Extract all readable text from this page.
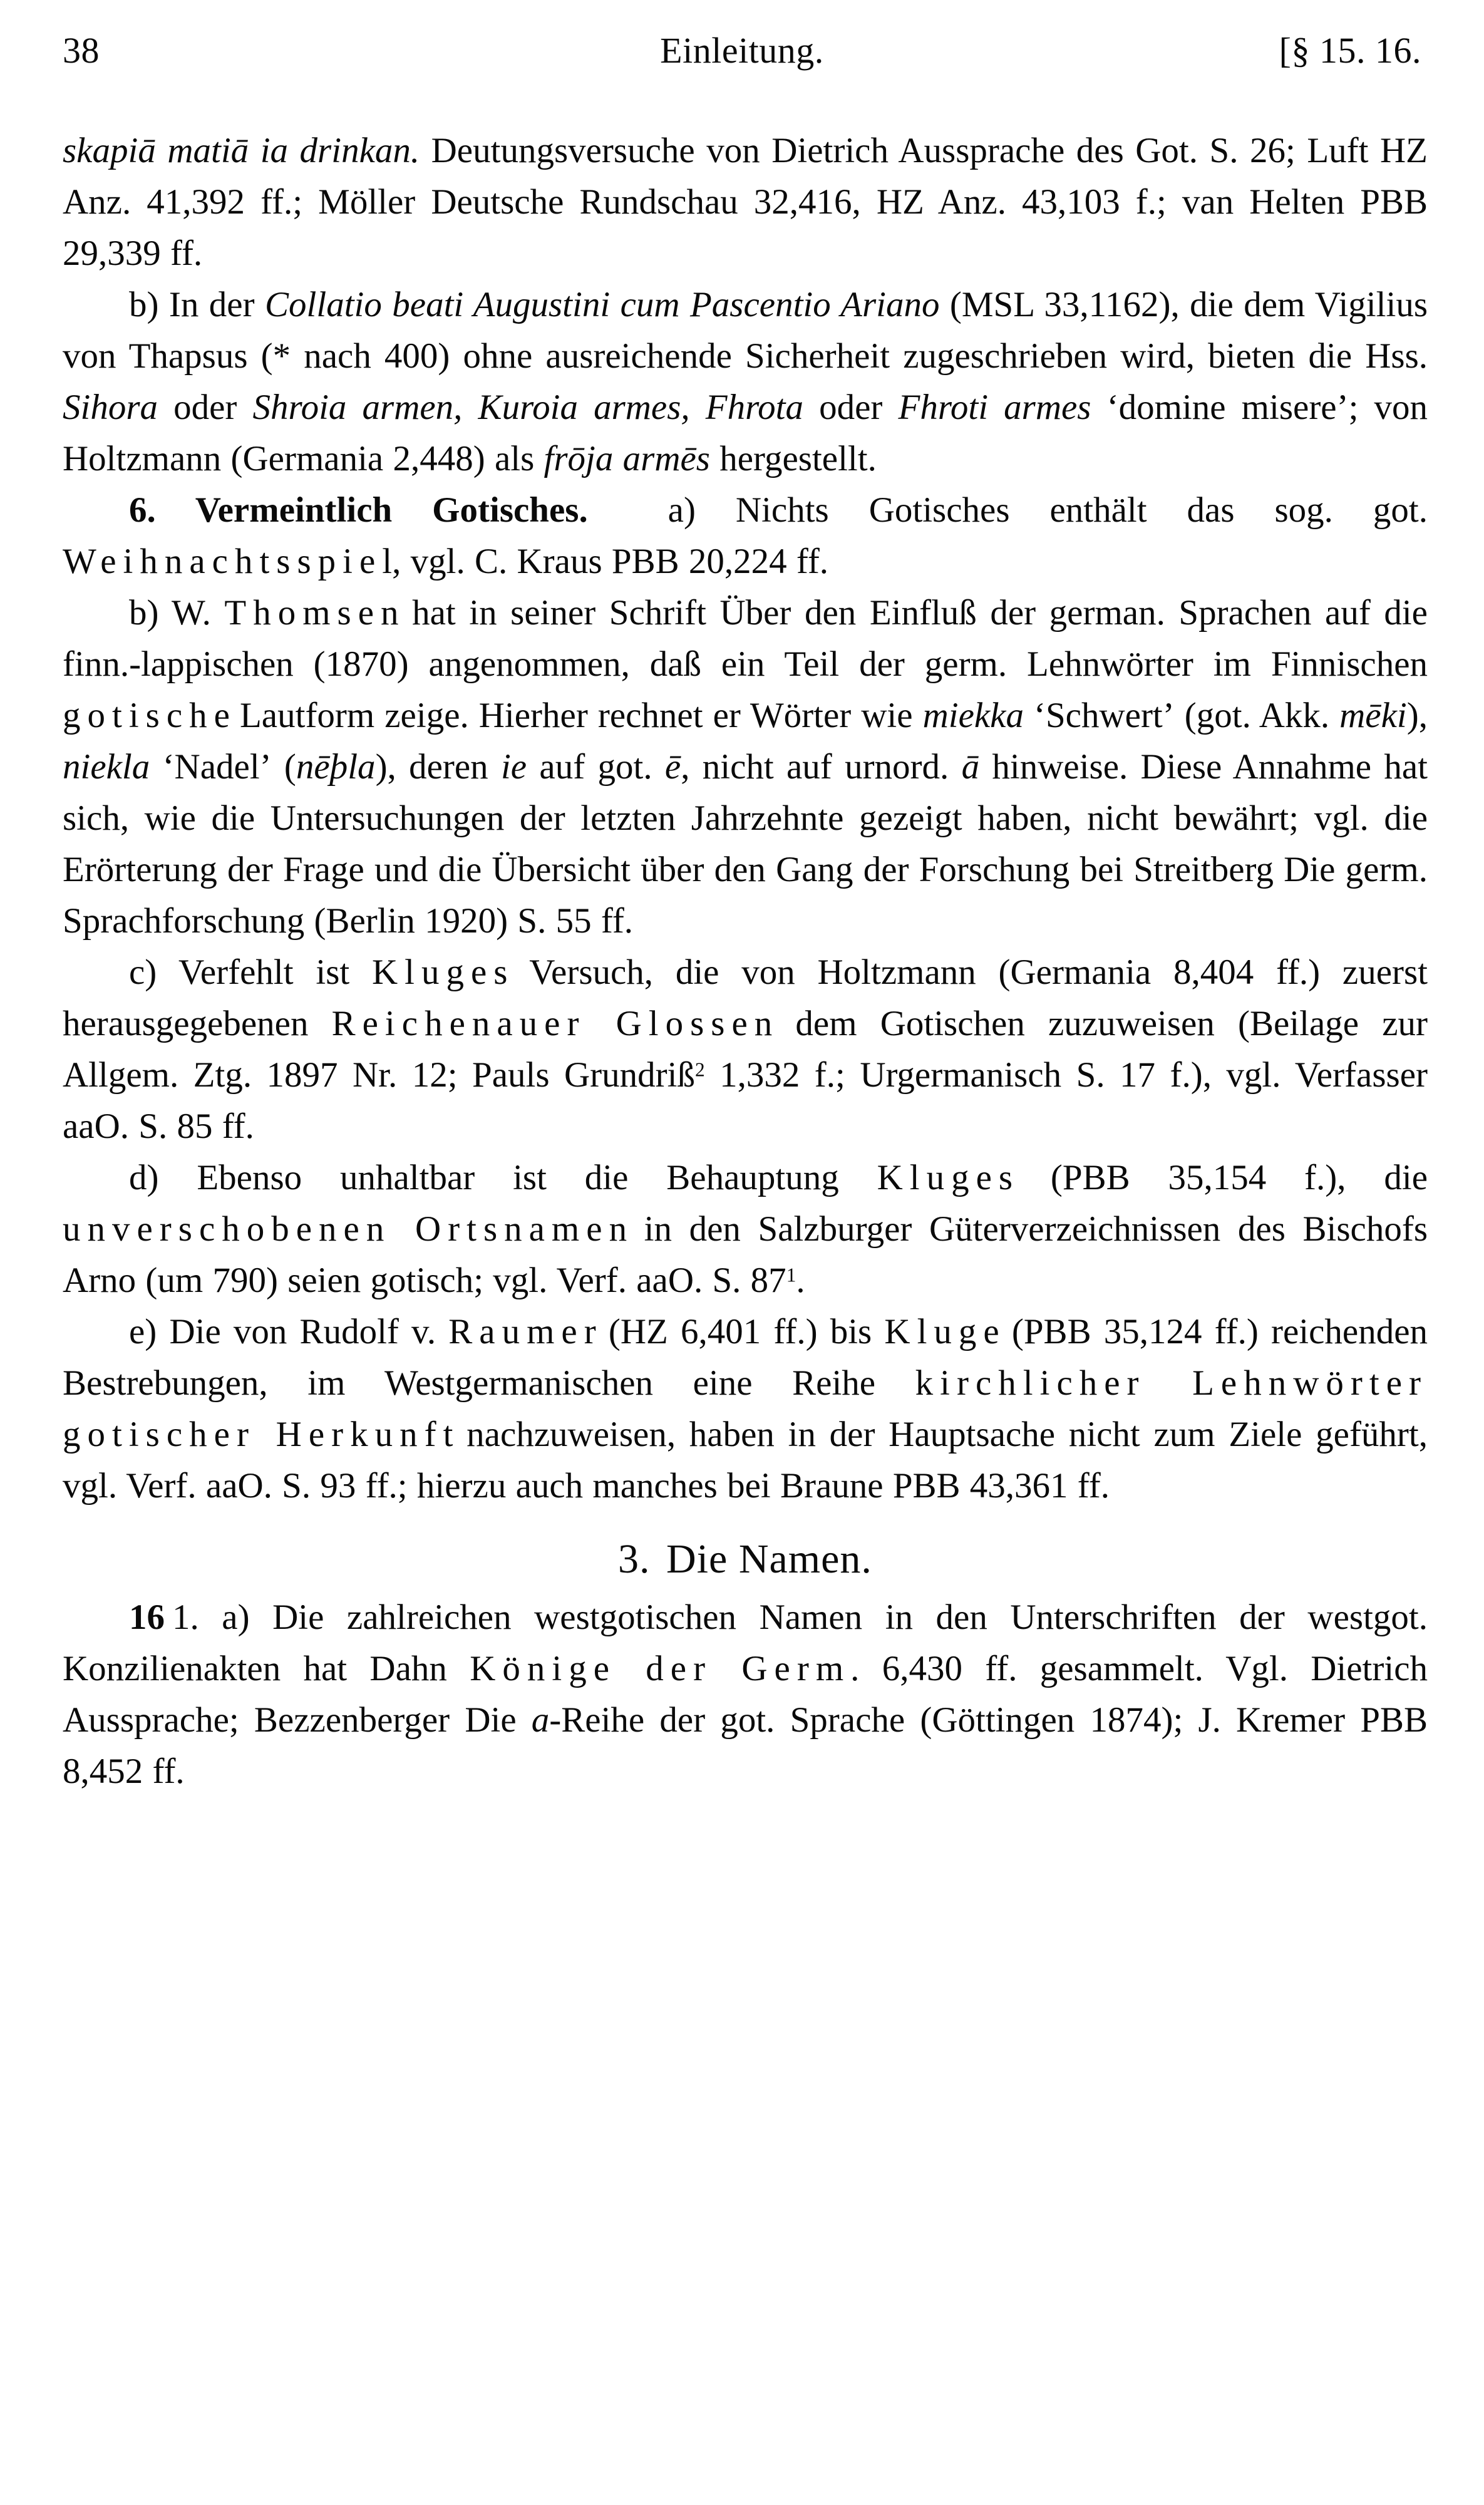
38	Einleitung.	[§ 15. 16.

skapiā matiā ia drinkan. Deutungsversuche von Dietrich Aussprache des Got. S. 26; Luft HZ Anz. 41,392 ff.; Möller Deutsche Rundschau 32,416, HZ Anz. 43,103 f.; van Helten PBB 29,339 ff.

b) In der Collatio beati Augustini cum Pascentio Ariano (MSL 33,1162), die dem Vigilius von Thapsus (* nach 400) ohne ausreichende Sicherheit zugeschrieben wird, bieten die Hss. Sihora oder Shroia armen, Kuroia armes, Fhrota oder Fhroti armes ʻdomine misereʼ; von Holtzmann (Germania 2,448) als frōja armēs hergestellt.

6. Vermeintlich Gotisches. a) Nichts Gotisches enthält das sog. got. Weihnachtsspiel, vgl. C. Kraus PBB 20,224 ff.

b) W. Thomsen hat in seiner Schrift Über den Einfluß der german. Sprachen auf die finn.-lappischen (1870) angenommen, daß ein Teil der germ. Lehnwörter im Finnischen gotische Lautform zeige. Hierher rechnet er Wörter wie miekka ʻSchwertʼ (got. Akk. mēki), niekla ʻNadelʼ (nēþla), deren ie auf got. ē, nicht auf urnord. ā hinweise. Diese Annahme hat sich, wie die Untersuchungen der letzten Jahrzehnte gezeigt haben, nicht bewährt; vgl. die Erörterung der Frage und die Übersicht über den Gang der Forschung bei Streitberg Die germ. Sprachforschung (Berlin 1920) S. 55 ff.

c) Verfehlt ist Kluges Versuch, die von Holtzmann (Germania 8,404 ff.) zuerst herausgegebenen Reichenauer Glossen dem Gotischen zuzuweisen (Beilage zur Allgem. Ztg. 1897 Nr. 12; Pauls Grundriß$^2$ 1,332 f.; Urgermanisch S. 17 f.), vgl. Verfasser aaO. S. 85 ff.

d) Ebenso unhaltbar ist die Behauptung Kluges (PBB 35,154 f.), die unverschobenen Ortsnamen in den Salzburger Güterverzeichnissen des Bischofs Arno (um 790) seien gotisch; vgl. Verf. aaO. S. $87^1$.

e) Die von Rudolf v. Raumer (HZ 6,401 ff.) bis Kluge (PBB 35,124 ff.) reichenden Bestrebungen, im Westgermanischen eine Reihe kirchlicher Lehnwörter gotischer Herkunft nachzuweisen, haben in der Hauptsache nicht zum Ziele geführt, vgl. Verf. aaO. S. 93 ff.; hierzu auch manches bei Braune PBB 43,361 ff.

3. Die Namen.

16 1. a) Die zahlreichen westgotischen Namen in den Unterschriften der westgot. Konzilienakten hat Dahn Könige der Germ. 6,430 ff. gesammelt. Vgl. Dietrich Aussprache; Bezzenberger Die a-Reihe der got. Sprache (Göttingen 1874); J. Kremer PBB 8,452 ff.
